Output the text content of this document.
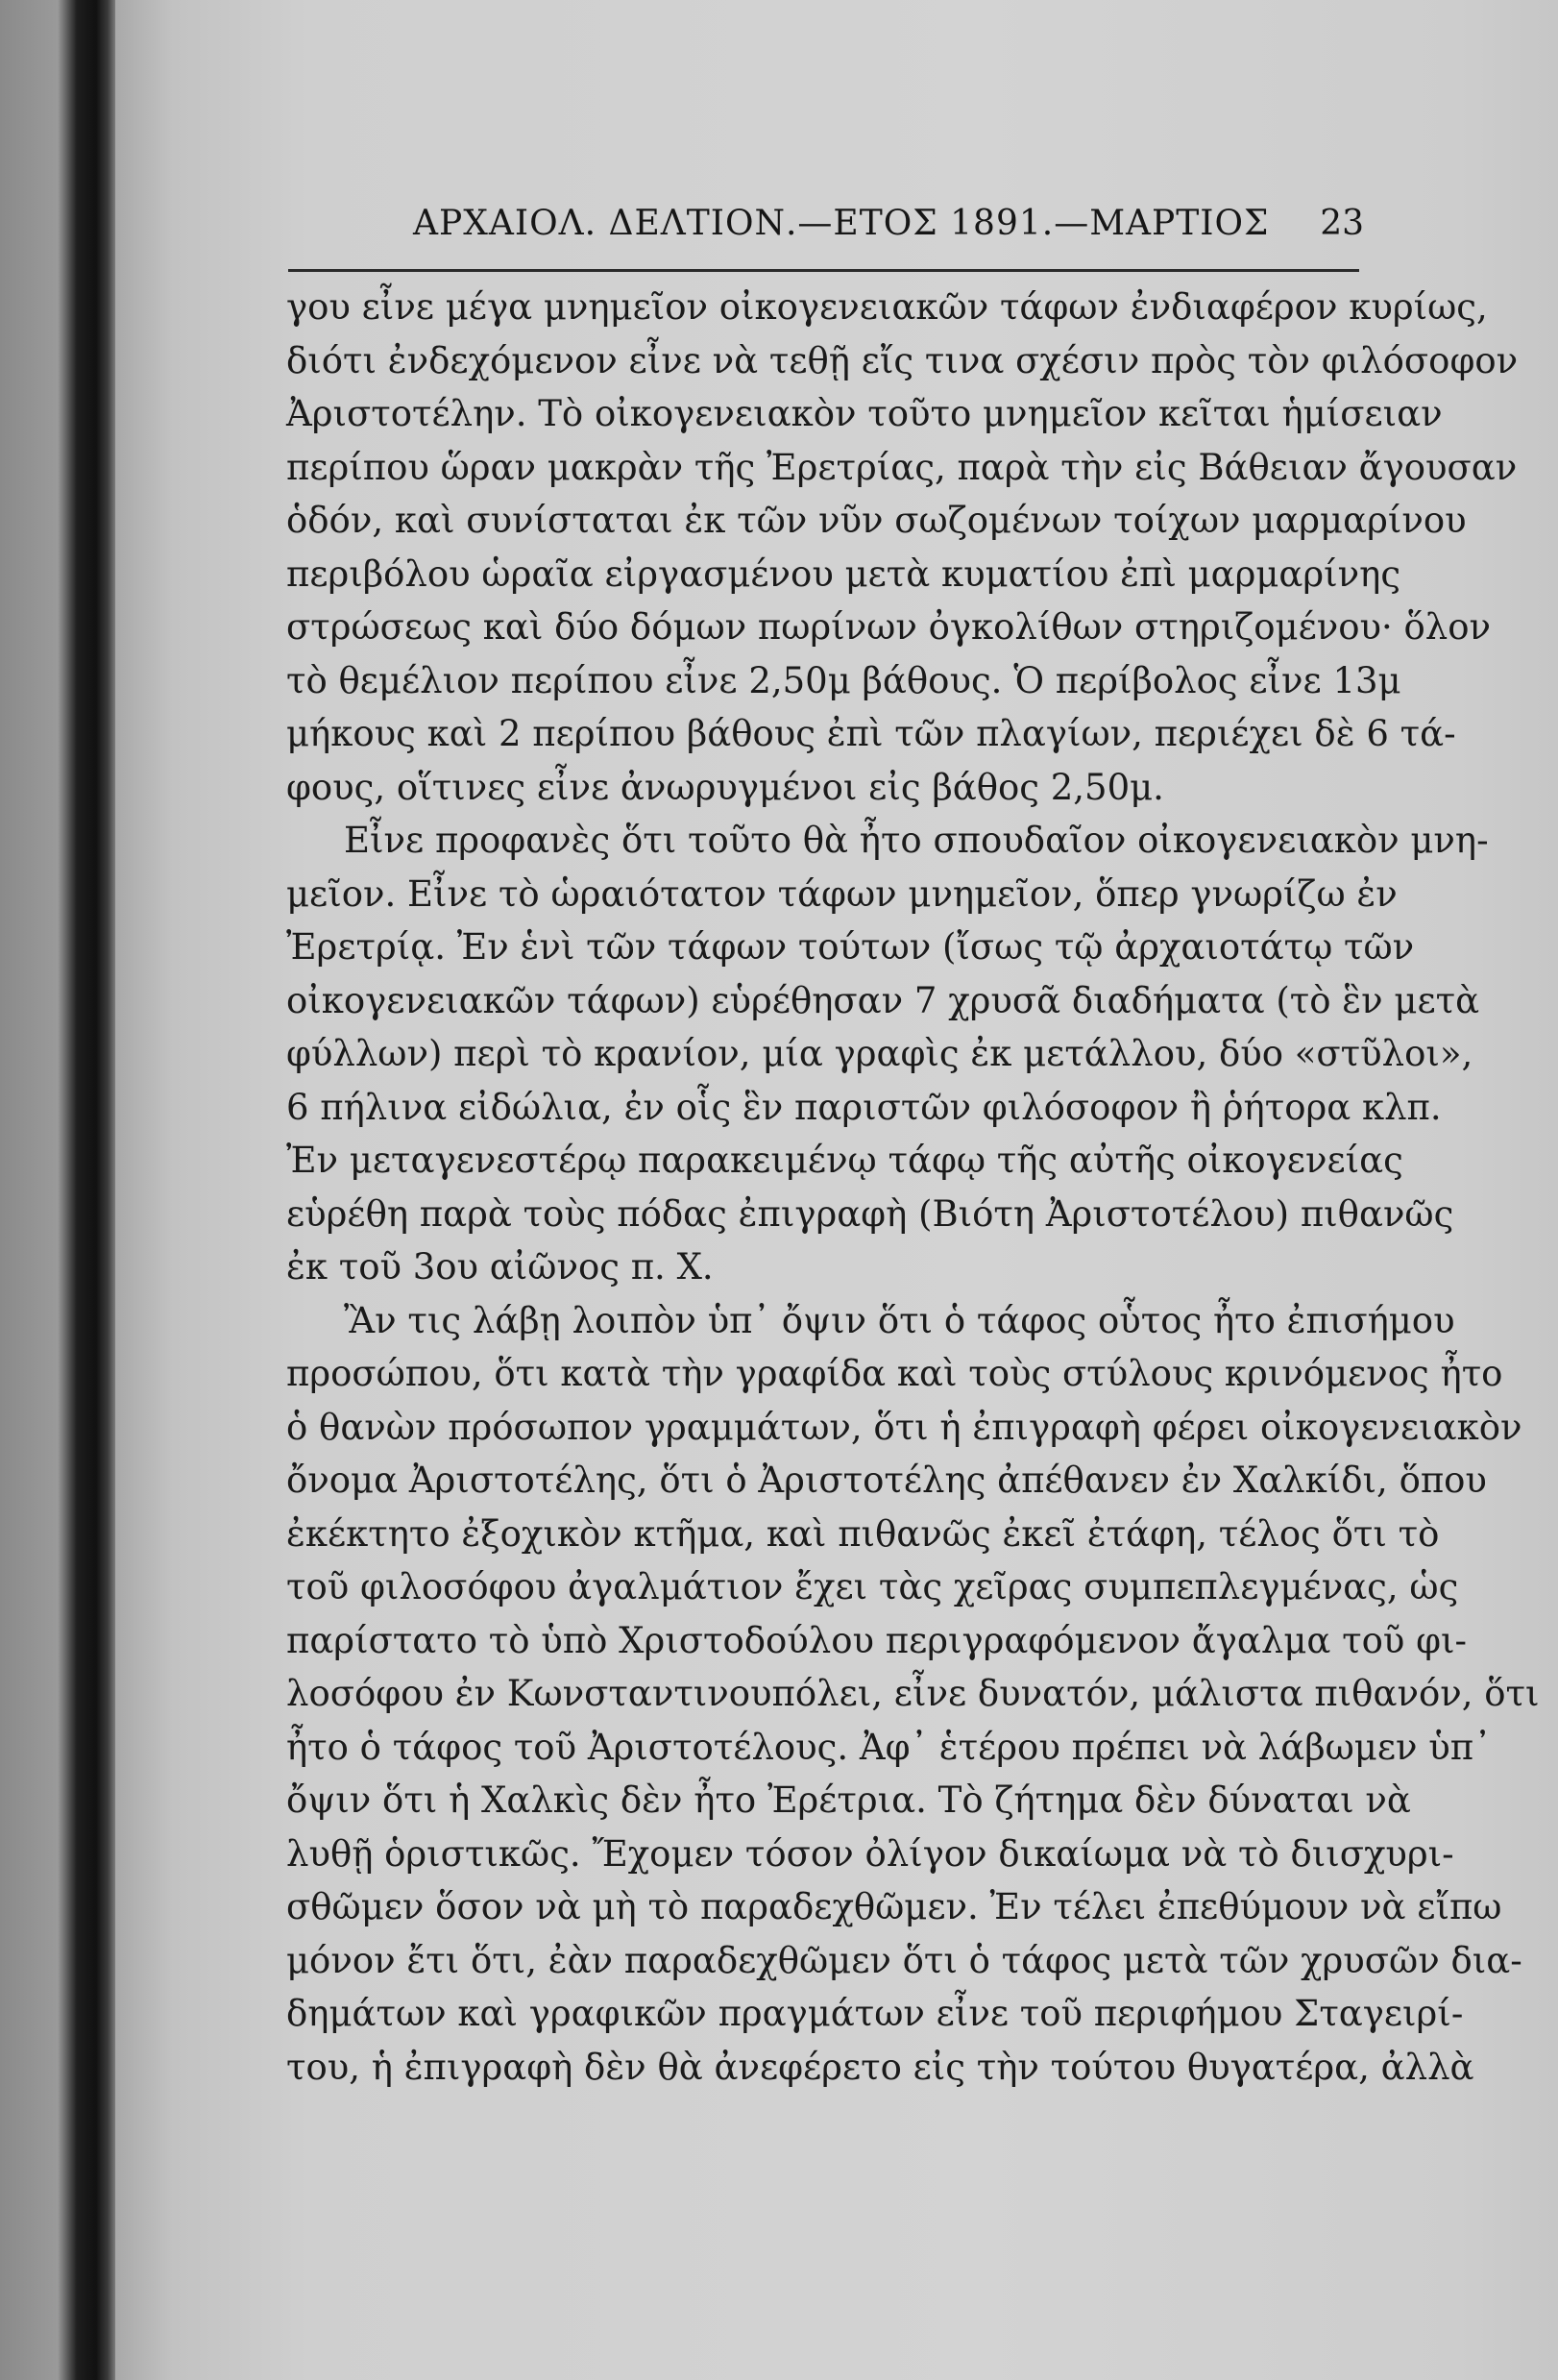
ΑΡΧΑΙΟΛ. ΔΕΛΤΙΟΝ.—ΕΤΟΣ 1891.—ΜΑΡΤΙΟΣ 23
γου εἶνε μέγα μνημεῖον οἰκογενειακῶν τάφων ἐνδιαφέρον κυρίως,
διότι ἐνδεχόμενον εἶνε νὰ τεθῇ εἴς τινα σχέσιν πρὸς τὸν φιλόσοφον
Ἀριστοτέλην. Τὸ οἰκογενειακὸν τοῦτο μνημεῖον κεῖται ἡμίσειαν
περίπου ὥραν μακρὰν τῆς Ἐρετρίας, παρὰ τὴν εἰς Βάθειαν ἄγουσαν
ὁδόν, καὶ συνίσταται ἐκ τῶν νῦν σωζομένων τοίχων μαρμαρίνου
περιβόλου ὡραῖα εἰργασμένου μετὰ κυματίου ἐπὶ μαρμαρίνης
στρώσεως καὶ δύο δόμων πωρίνων ὀγκολίθων στηριζομένου· ὅλον
τὸ θεμέλιον περίπου εἶνε 2,50μ βάθους. Ὁ περίβολος εἶνε 13μ
μήκους καὶ 2 περίπου βάθους ἐπὶ τῶν πλαγίων, περιέχει δὲ 6 τά-
φους, οἵτινες εἶνε ἀνωρυγμένοι εἰς βάθος 2,50μ.
Εἶνε προφανὲς ὅτι τοῦτο θὰ ἦτο σπουδαῖον οἰκογενειακὸν μνη-
μεῖον. Εἶνε τὸ ὡραιότατον τάφων μνημεῖον, ὅπερ γνωρίζω ἐν
Ἐρετρίᾳ. Ἐν ἑνὶ τῶν τάφων τούτων (ἴσως τῷ ἀρχαιοτάτῳ τῶν
οἰκογενειακῶν τάφων) εὑρέθησαν 7 χρυσᾶ διαδήματα (τὸ ἓν μετὰ
φύλλων) περὶ τὸ κρανίον, μία γραφὶς ἐκ μετάλλου, δύο «στῦλοι»,
6 πήλινα εἰδώλια, ἐν οἷς ἓν παριστῶν φιλόσοφον ἢ ῥήτορα κλπ.
Ἐν μεταγενεστέρῳ παρακειμένῳ τάφῳ τῆς αὐτῆς οἰκογενείας
εὑρέθη παρὰ τοὺς πόδας ἐπιγραφὴ (Βιότη Ἀριστοτέλου) πιθανῶς
ἐκ τοῦ 3ου αἰῶνος π. Χ.
Ἂν τις λάβῃ λοιπὸν ὑπ᾽ ὄψιν ὅτι ὁ τάφος οὗτος ἦτο ἐπισήμου
προσώπου, ὅτι κατὰ τὴν γραφίδα καὶ τοὺς στύλους κρινόμενος ἦτο
ὁ θανὼν πρόσωπον γραμμάτων, ὅτι ἡ ἐπιγραφὴ φέρει οἰκογενειακὸν
ὄνομα Ἀριστοτέλης, ὅτι ὁ Ἀριστοτέλης ἀπέθανεν ἐν Χαλκίδι, ὅπου
ἐκέκτητο ἐξοχικὸν κτῆμα, καὶ πιθανῶς ἐκεῖ ἐτάφη, τέλος ὅτι τὸ
τοῦ φιλοσόφου ἀγαλμάτιον ἔχει τὰς χεῖρας συμπεπλεγμένας, ὡς
παρίστατο τὸ ὑπὸ Χριστοδούλου περιγραφόμενον ἄγαλμα τοῦ φι-
λοσόφου ἐν Κωνσταντινουπόλει, εἶνε δυνατόν, μάλιστα πιθανόν, ὅτι
ἦτο ὁ τάφος τοῦ Ἀριστοτέλους. Ἀφ᾽ ἑτέρου πρέπει νὰ λάβωμεν ὑπ᾽
ὄψιν ὅτι ἡ Χαλκὶς δὲν ἦτο Ἐρέτρια. Τὸ ζήτημα δὲν δύναται νὰ
λυθῇ ὁριστικῶς. Ἔχομεν τόσον ὀλίγον δικαίωμα νὰ τὸ διισχυρι-
σθῶμεν ὅσον νὰ μὴ τὸ παραδεχθῶμεν. Ἐν τέλει ἐπεθύμουν νὰ εἴπω
μόνον ἔτι ὅτι, ἐὰν παραδεχθῶμεν ὅτι ὁ τάφος μετὰ τῶν χρυσῶν δια-
δημάτων καὶ γραφικῶν πραγμάτων εἶνε τοῦ περιφήμου Σταγειρί-
του, ἡ ἐπιγραφὴ δὲν θὰ ἀνεφέρετο εἰς τὴν τούτου θυγατέρα, ἀλλὰ
